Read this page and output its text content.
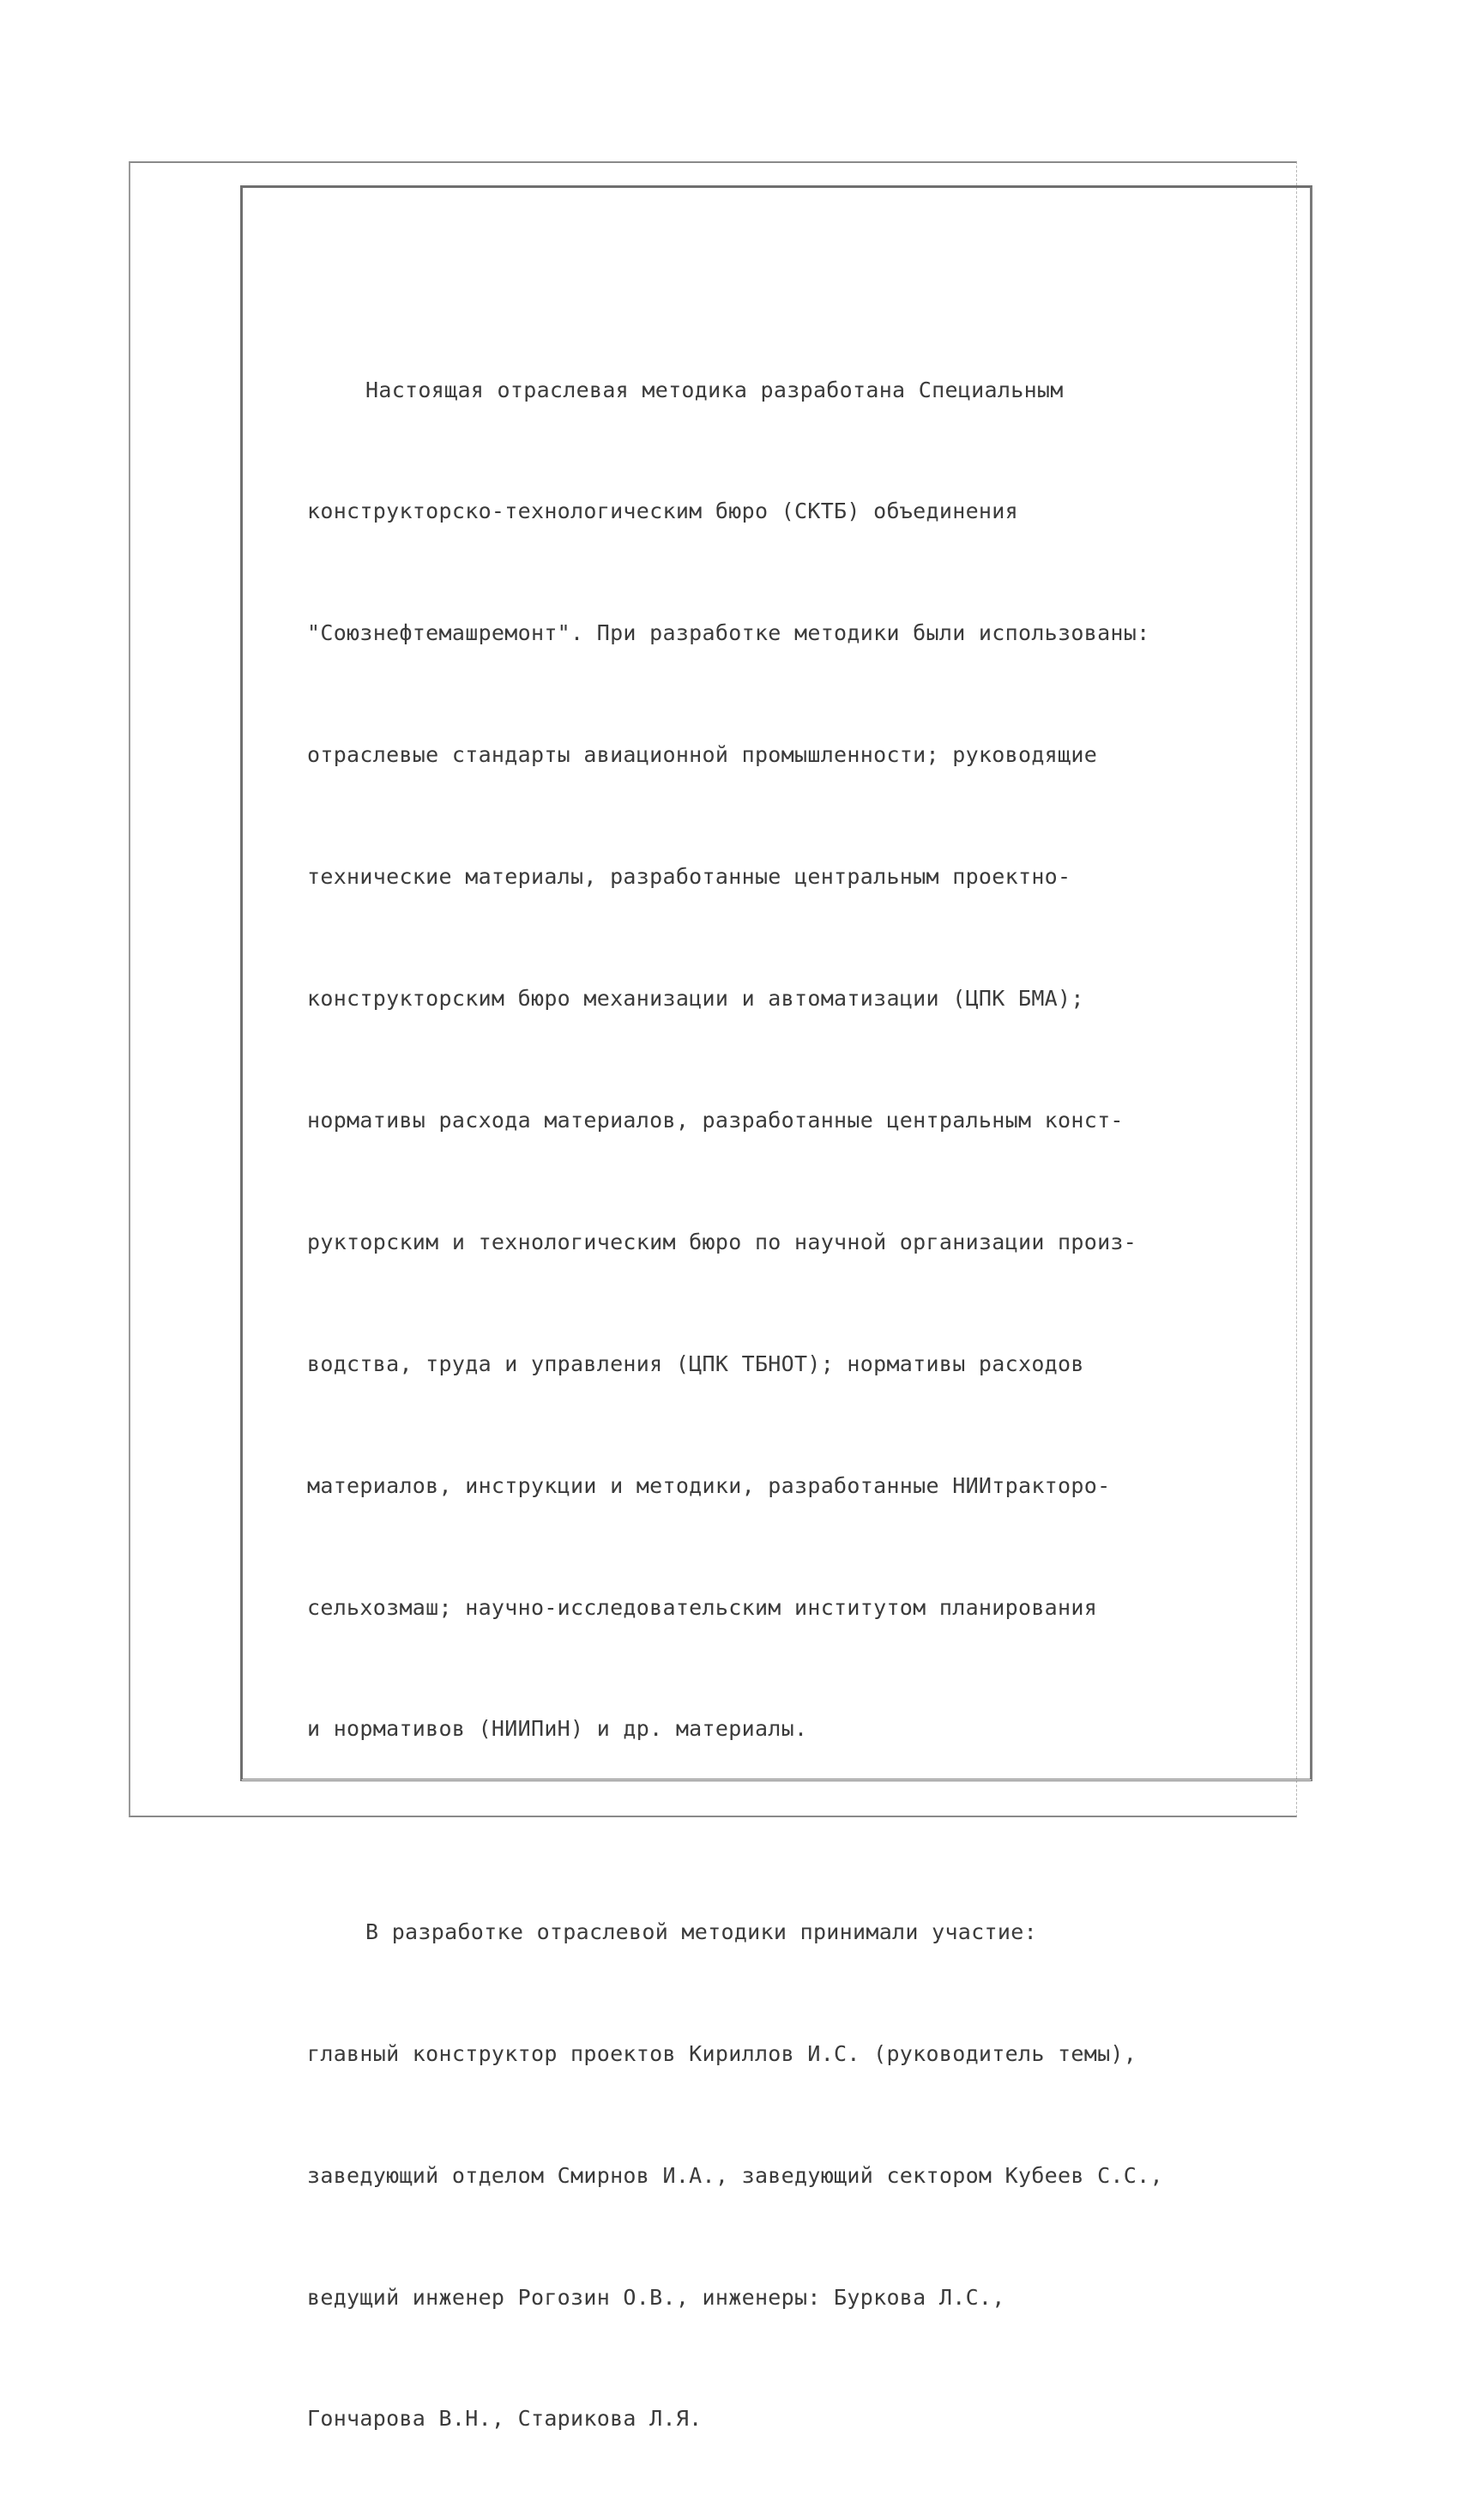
Настоящая отраслевая методика разработана Специальным

конструкторско-технологическим бюро (СКТБ) объединения

"Союзнефтемашремонт". При разработке методики были использованы:

отраслевые стандарты авиационной промышленности; руководящие

технические материалы, разработанные центральным проектно-

конструкторским бюро механизации и автоматизации (ЦПК БМА);

нормативы расхода материалов, разработанные центральным конст-

рукторским и технологическим бюро по научной организации произ-

водства, труда и управления (ЦПК ТБНОТ); нормативы расходов

материалов, инструкции и методики, разработанные НИИтракторо-

сельхозмаш; научно-исследовательским институтом планирования

и нормативов (НИИПиН) и др. материалы.

В разработке отраслевой методики принимали участие:

главный конструктор проектов Кириллов И.С. (руководитель темы),

заведующий отделом Смирнов И.А., заведующий сектором Кубеев С.С.,

ведущий инженер Рогозин О.В., инженеры: Буркова Л.С.,

Гончарова В.Н., Старикова Л.Я.
